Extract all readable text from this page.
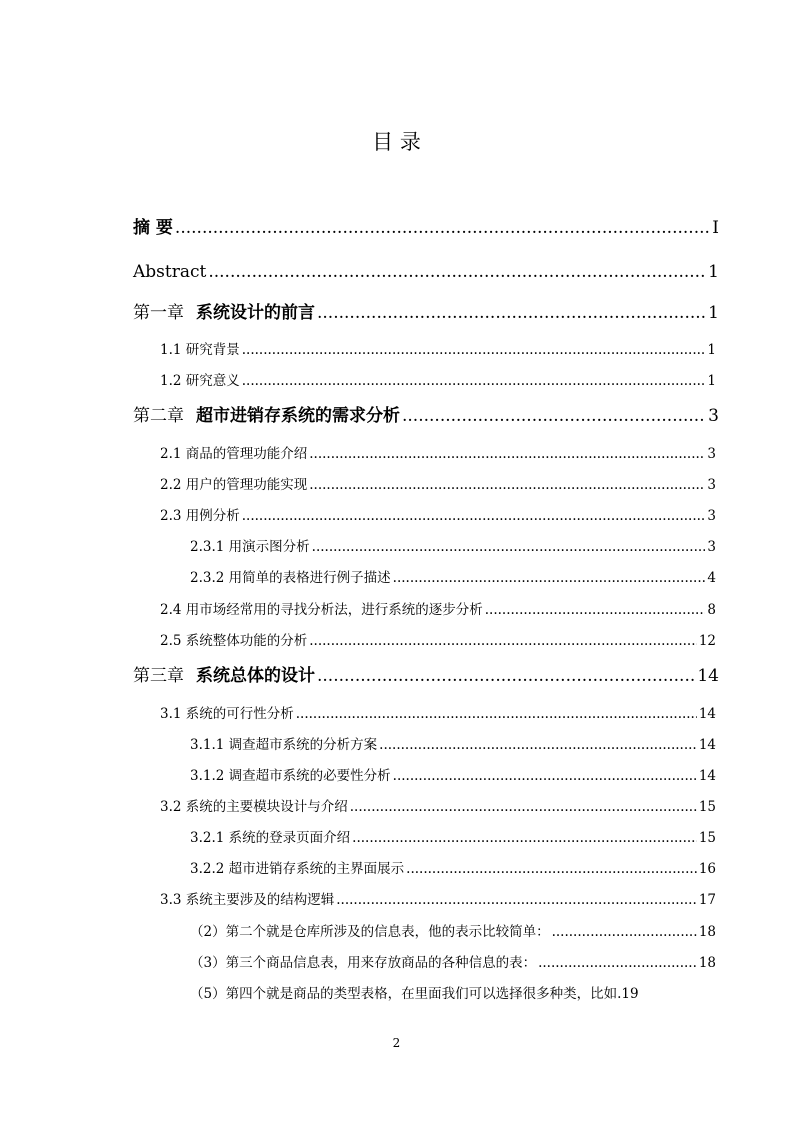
目 录
摘 要 .....	I
Abstract .....	1
第一章 系统设计的前言 .....	1
1.1 研究背景 .....	1
1.2 研究意义 .....	1
第二章 超市进销存系统的需求分析 .....	3
2.1 商品的管理功能介绍 .....	3
2.2 用户的管理功能实现 .....	3
2.3 用例分析 .....	3
2.3.1 用演示图分析 .....	3
2.3.2 用简单的表格进行例子描述 .....	4
2.4 用市场经常用的寻找分析法，进行系统的逐步分析 .....	8
2.5 系统整体功能的分析 .....	12
第三章 系统总体的设计 .....	14
3.1 系统的可行性分析 .....	14
3.1.1 调查超市系统的分析方案 .....	14
3.1.2 调查超市系统的必要性分析 .....	14
3.2 系统的主要模块设计与介绍 .....	15
3.2.1 系统的登录页面介绍 .....	15
3.2.2 超市进销存系统的主界面展示 .....	16
3.3 系统主要涉及的结构逻辑 .....	17
（2）第二个就是仓库所涉及的信息表，他的表示比较简单： .....	18
（3）第三个商品信息表，用来存放商品的各种信息的表： .....	18
（5）第四个就是商品的类型表格，在里面我们可以选择很多种类，比如. 19
2
